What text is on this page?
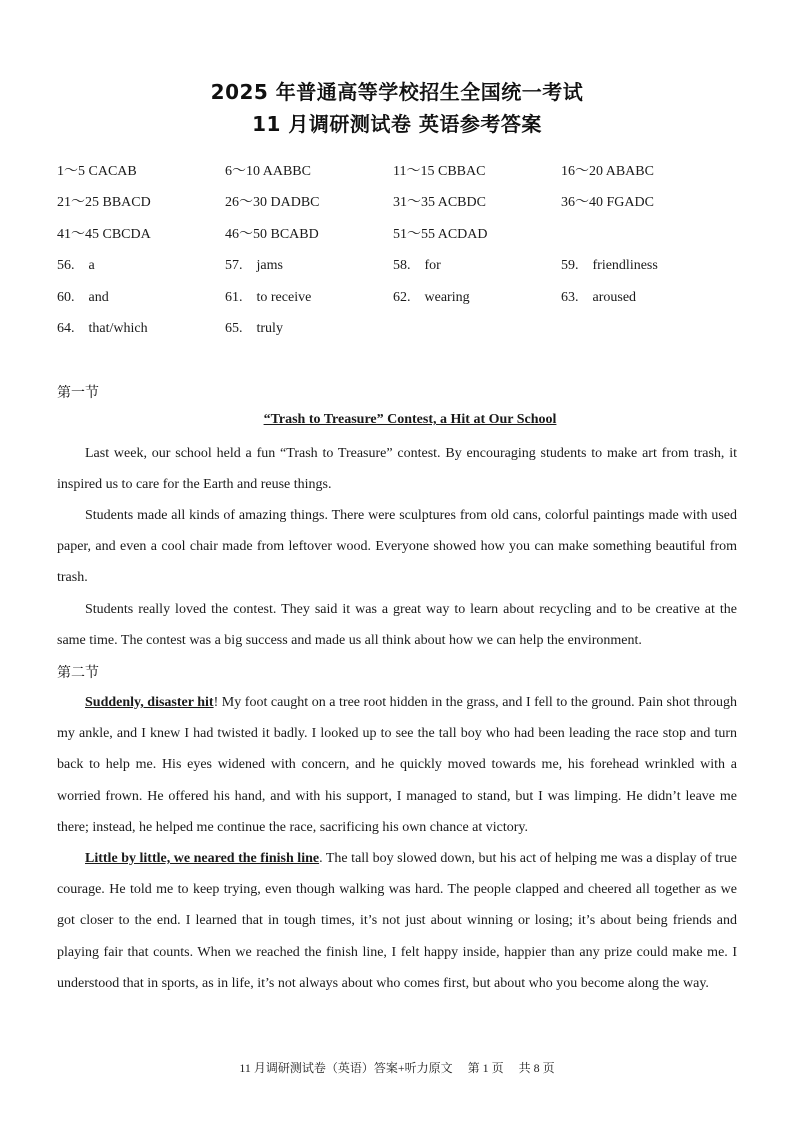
2025 年普通高等学校招生全国统一考试
11 月调研测试卷 英语参考答案
1～5 CACAB	6～10 AABBC	11～15 CBBAC	16～20 ABABC
21～25 BBACD	26～30 DADBC	31～35 ACBDC	36～40 FGADC
41～45 CBCDA	46～50 BCABD	51～55 ACDAD
56. a	57. jams	58. for	59. friendliness
60. and	61. to receive	62. wearing	63. aroused
64. that/which	65. truly
第一节
“Trash to Treasure” Contest, a Hit at Our School

Last week, our school held a fun “Trash to Treasure” contest. By encouraging students to make art from trash, it inspired us to care for the Earth and reuse things.

Students made all kinds of amazing things. There were sculptures from old cans, colorful paintings made with used paper, and even a cool chair made from leftover wood. Everyone showed how you can make something beautiful from trash.

Students really loved the contest. They said it was a great way to learn about recycling and to be creative at the same time. The contest was a big success and made us all think about how we can help the environment.

第二节

Suddenly, disaster hit! My foot caught on a tree root hidden in the grass, and I fell to the ground. Pain shot through my ankle, and I knew I had twisted it badly. I looked up to see the tall boy who had been leading the race stop and turn back to help me. His eyes widened with concern, and he quickly moved towards me, his forehead wrinkled with a worried frown. He offered his hand, and with his support, I managed to stand, but I was limping. He didn’t leave me there; instead, he helped me continue the race, sacrificing his own chance at victory.

Little by little, we neared the finish line. The tall boy slowed down, but his act of helping me was a display of true courage. He told me to keep trying, even though walking was hard. The people clapped and cheered all together as we got closer to the end. I learned that in tough times, it’s not just about winning or losing; it’s about being friends and playing fair that counts. When we reached the finish line, I felt happy inside, happier than any prize could make me. I understood that in sports, as in life, it’s not always about who comes first, but about who you become along the way.

11 月调研测试卷（英语）答案+听力原文 第 1 页 共 8 页
